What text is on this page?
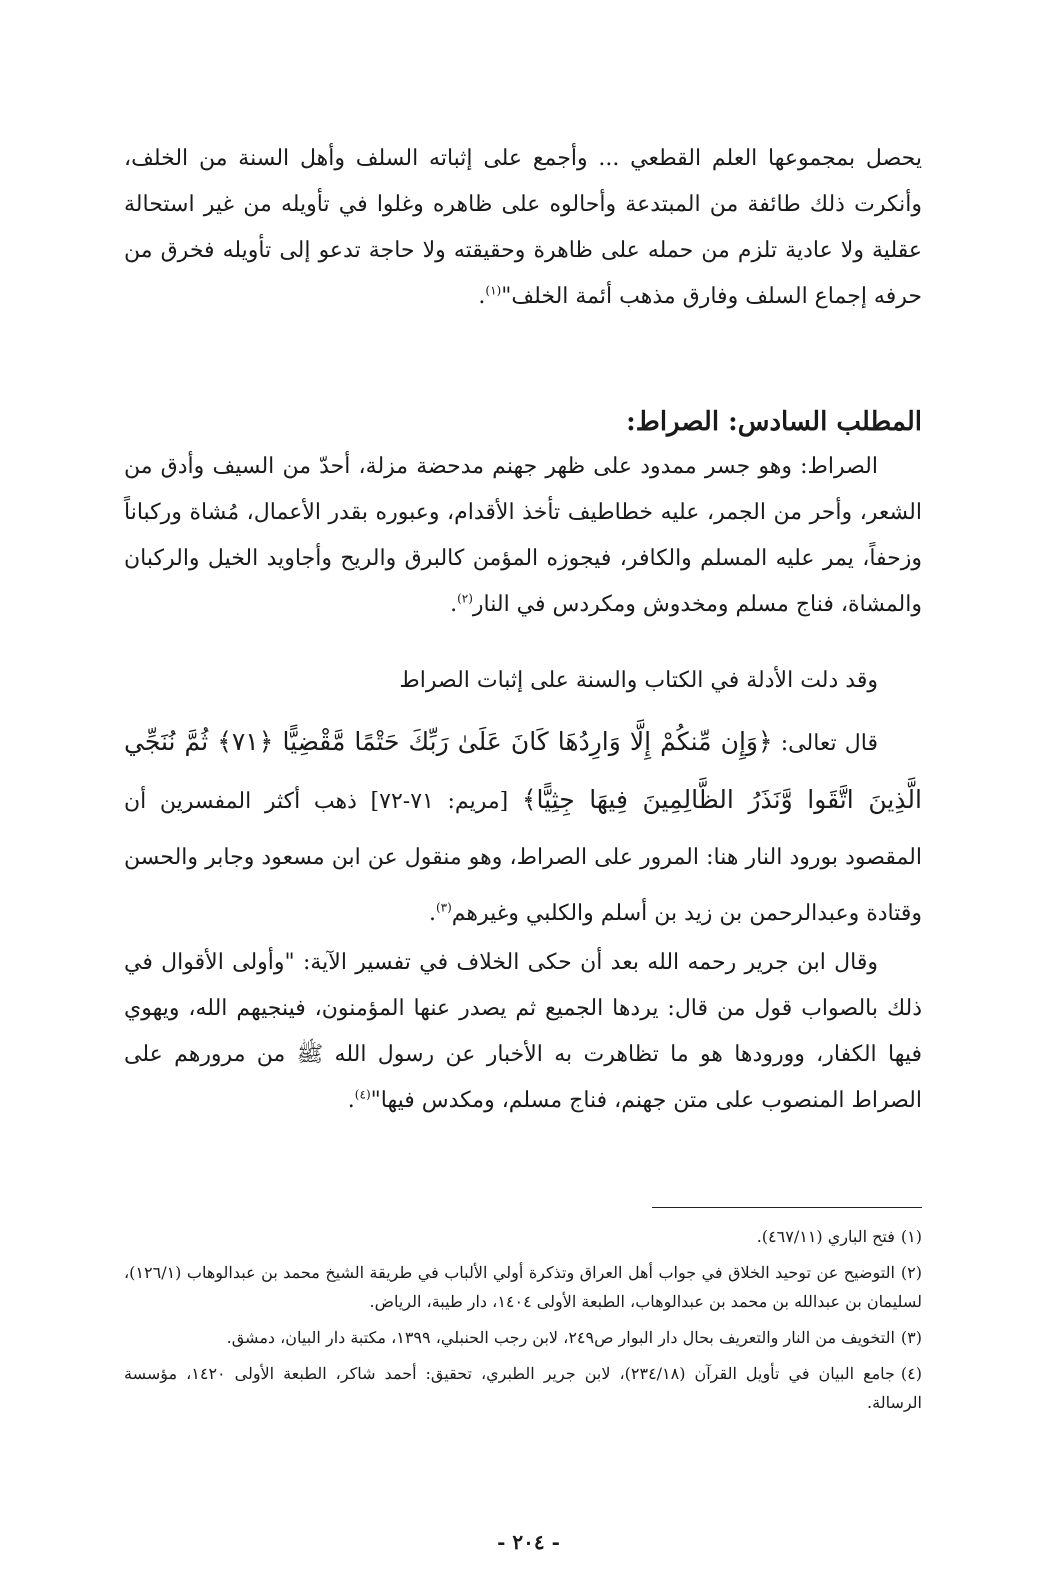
يحصل بمجموعها العلم القطعي ... وأجمع على إثباته السلف وأهل السنة من الخلف، وأنكرت ذلك طائفة من المبتدعة وأحالوه على ظاهره وغلوا في تأويله من غير استحالة عقلية ولا عادية تلزم من حمله على ظاهرة وحقيقته ولا حاجة تدعو إلى تأويله فخرق من حرفه إجماع السلف وفارق مذهب أئمة الخلف"$^{(١)}$.

المطلب السادس: الصراط:

الصراط: وهو جسر ممدود على ظهر جهنم مدحضة مزلة، أحدّ من السيف وأدق من الشعر، وأحر من الجمر، عليه خطاطيف تأخذ الأقدام، وعبوره بقدر الأعمال، مُشاة وركباناً وزحفاً، يمر عليه المسلم والكافر، فيجوزه المؤمن كالبرق والريح وأجاويد الخيل والركبان والمشاة، فناج مسلم ومخدوش ومكردس في النار$^{(٢)}$.

وقد دلت الأدلة في الكتاب والسنة على إثبات الصراط

قال تعالى: ﴿وَإِن مِّنكُمْ إِلَّا وَارِدُهَا كَانَ عَلَىٰ رَبِّكَ حَتْمًا مَّقْضِيًّا ﴿٧١﴾ ثُمَّ نُنَجِّي الَّذِينَ اتَّقَوا وَّنَذَرُ الظَّالِمِينَ فِيهَا جِثِيًّا﴾ [مريم: ٧١-٧٢] ذهب أكثر المفسرين أن المقصود بورود النار هنا: المرور على الصراط، وهو منقول عن ابن مسعود وجابر والحسن وقتادة وعبدالرحمن بن زيد بن أسلم والكلبي وغيرهم$^{(٣)}$.

وقال ابن جرير رحمه الله بعد أن حكى الخلاف في تفسير الآية: "وأولى الأقوال في ذلك بالصواب قول من قال: يردها الجميع ثم يصدر عنها المؤمنون، فينجيهم الله، ويهوي فيها الكفار، وورودها هو ما تظاهرت به الأخبار عن رسول الله ﷺ من مرورهم على الصراط المنصوب على متن جهنم، فناج مسلم، ومكدس فيها"$^{(٤)}$.

(١)فتح الباري (٤٦٧/١١).
(٢)التوضيح عن توحيد الخلاق في جواب أهل العراق وتذكرة أولي الألباب في طريقة الشيخ محمد بن عبدالوهاب (١٢٦/١)، لسليمان بن عبدالله بن محمد بن عبدالوهاب، الطبعة الأولى ١٤٠٤، دار طيبة، الرياض.
(٣)التخويف من النار والتعريف بحال دار البوار ص٢٤٩، لابن رجب الحنبلي، ١٣٩٩، مكتبة دار البيان، دمشق.
(٤)جامع البيان في تأويل القرآن (٢٣٤/١٨)، لابن جرير الطبري، تحقيق: أحمد شاكر، الطبعة الأولى ١٤٢٠، مؤسسة الرسالة.
- ٢٠٤ -
